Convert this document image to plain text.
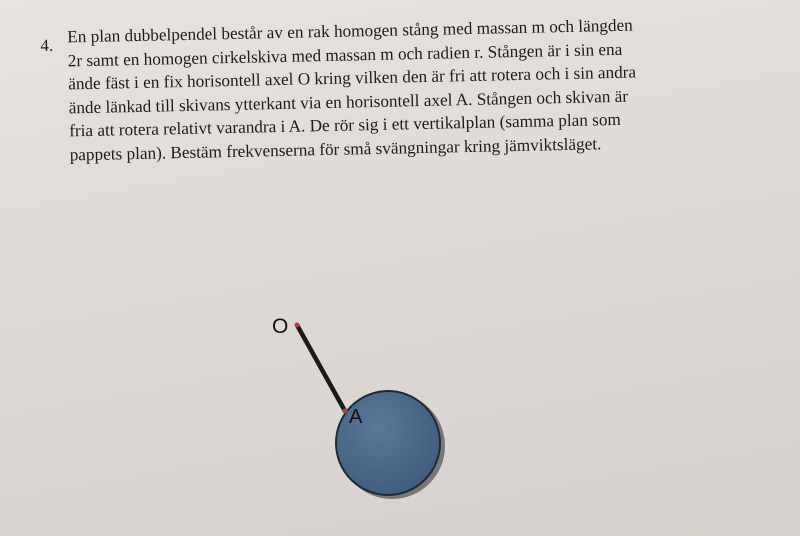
4. En plan dubbelpendel består av en rak homogen stång med massan m och längden
2r samt en homogen cirkelskiva med massan m och radien r. Stången är i sin ena
ände fäst i en fix horisontell axel O kring vilken den är fri att rotera och i sin andra
ände länkad till skivans ytterkant via en horisontell axel A. Stången och skivan är
fria att rotera relativt varandra i A. De rör sig i ett vertikalplan (samma plan som
pappets plan). Bestäm frekvenserna för små svängningar kring jämviktsläget.
O
A
